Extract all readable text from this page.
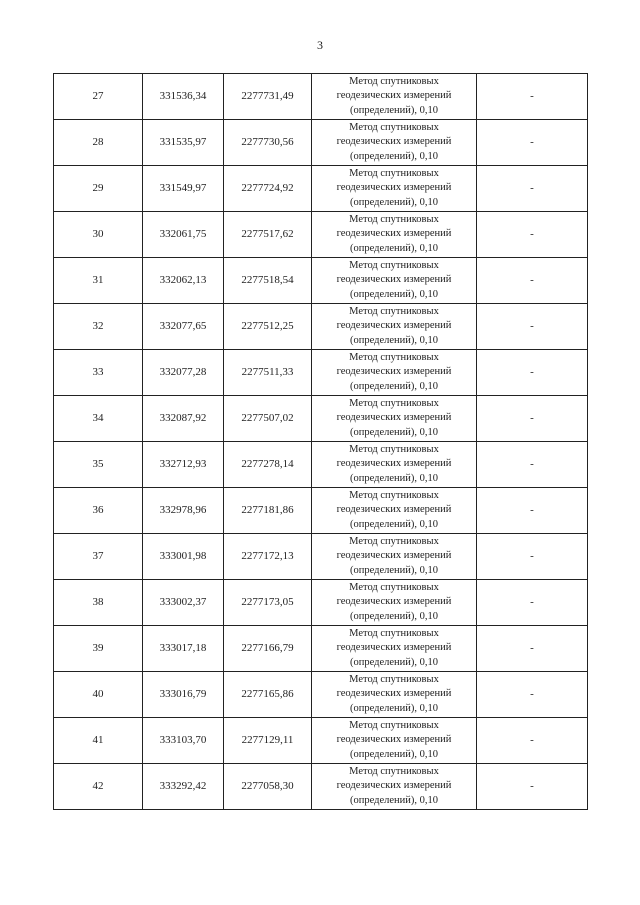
3
27	331536,34	2277731,49	Метод спутниковых
геодезических измерений
(определений), 0,10	-
28	331535,97	2277730,56	Метод спутниковых
геодезических измерений
(определений), 0,10	-
29	331549,97	2277724,92	Метод спутниковых
геодезических измерений
(определений), 0,10	-
30	332061,75	2277517,62	Метод спутниковых
геодезических измерений
(определений), 0,10	-
31	332062,13	2277518,54	Метод спутниковых
геодезических измерений
(определений), 0,10	-
32	332077,65	2277512,25	Метод спутниковых
геодезических измерений
(определений), 0,10	-
33	332077,28	2277511,33	Метод спутниковых
геодезических измерений
(определений), 0,10	-
34	332087,92	2277507,02	Метод спутниковых
геодезических измерений
(определений), 0,10	-
35	332712,93	2277278,14	Метод спутниковых
геодезических измерений
(определений), 0,10	-
36	332978,96	2277181,86	Метод спутниковых
геодезических измерений
(определений), 0,10	-
37	333001,98	2277172,13	Метод спутниковых
геодезических измерений
(определений), 0,10	-
38	333002,37	2277173,05	Метод спутниковых
геодезических измерений
(определений), 0,10	-
39	333017,18	2277166,79	Метод спутниковых
геодезических измерений
(определений), 0,10	-
40	333016,79	2277165,86	Метод спутниковых
геодезических измерений
(определений), 0,10	-
41	333103,70	2277129,11	Метод спутниковых
геодезических измерений
(определений), 0,10	-
42	333292,42	2277058,30	Метод спутниковых
геодезических измерений
(определений), 0,10	-
